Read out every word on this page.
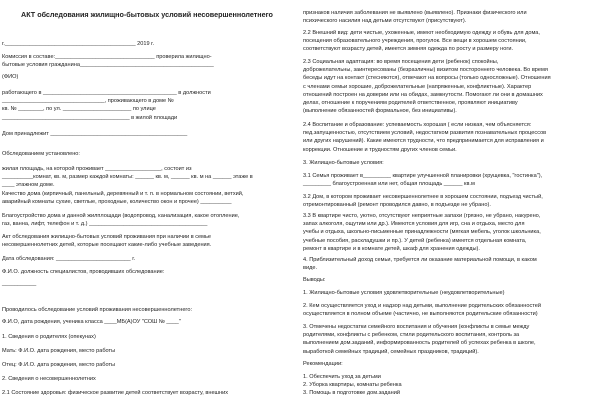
АКТ обследования жилищно-бытовых условий несовершеннолетнего

г.__________________________________________ 2019 г.

Комиссия в составе:________________________________ проверила жилищно-
бытовые условия гражданина___________________________________________

(ФИО)

работающего в ___________________________________________ в должности
_________________________________, проживающего в доме №
кв. № ________, по ул. ______________________ по улице
_________________________________________ в жилой площади

Дом принадлежит ____________________________________________

Обследованием установлено:

жилая площадь, на которой проживает __________________, состоит из
__________комнат, кв. м, размер каждой комнаты: ______ кв. м, ______ кв. м на ______ этаже в
____ этажном доме.

Качество дома (кирпичный, панельный, деревянный и т. п. в нормальном состоянии, ветхий,
аварийный комнаты сухие, светлые, проходные, количество окон и прочее) __________

Благоустройство дома и данной жилплощади (водопровод, канализация, какое отопление,
газ, ванна, лифт, телефон и т. д.) ______________________________________

Акт обследования жилищно-бытовых условий проживания при наличии в семье
несовершеннолетних детей, которые посещают какие-либо учебные заведения.

Дата обследования: ________________________ г.

Ф.И.О. должность специалистов, проводивших обследование:

___________

Проводилось обследование условий проживания несовершеннолетнего:

Ф.И.О, дата рождения, ученика класса ____МБ(А)ОУ "СОШ № ____"

1. Сведения о родителях (опекунах)

Мать: Ф.И.О. дата рождения, место работы

Отец: Ф.И.О. дата рождения, место работы

2. Сведения о несовершеннолетних

2.1 Состояние здоровья: физическое развитие детей соответствует возрасту, внешних

признаков наличия заболевания не выявлено (выявлено). Признаки физического или
психического насилия над детьми отсутствуют (присутствуют).

2.2 Внешний вид: дети чистые, ухоженные, имеют необходимую одежду и обувь для дома,
посещения образовательного учреждения, прогулок. Все вещи в хорошем состоянии,
соответствуют возрасту детей, имеется зимняя одежда по росту и размеру ноги.

2.3 Социальная адаптация: во время посещения дети (ребенок) спокойны,
доброжелательны, заинтересованы (безразличны) визитом постороннего человека. Во время
беседы идут на контакт (стесняются), отвечают на вопросы (только односложные). Отношения
с членами семьи хорошие, доброжелательные (напряженные, конфликтные). Характер
отношений построен на доверии или на обидах, замкнутости. Помогают ли они в домашних
делах, отношение к поручениям родителей ответственное, проявляют инициативу
(выполнение обязанностей формальное, без инициативы).

2.4 Воспитание и образование: успеваемость хорошая ( если низкая, чем объясняется:
пед.запущенностью, отсутствием условий, недостатком развития познавательных процессов
или других нарушений). Какие имеются трудности, что предпринимается для исправления и
коррекции. Отношение и трудностям других членов семьи.

3. Жилищно-бытовые условия:

3.1 Семья проживает в_________ квартире улучшенной планировки (хрущевка, "гостинка"),
_________ благоустроенная или нет, общая площадь ______ кв.м

3.2 Дом, в котором проживает несовершеннолетнее в хорошем состоянии, подъезд чистый,
отремонтированный (ремонт проводился давно, в подъезде не убрано).

3.3 В квартире чисто, уютно, отсутствуют неприятные запахи (грязно, не убрано, накурено,
запах алкоголя, ощутим или др.). Имеются условия для игр, сна и отдыха, место для
учебы и отдыха, школьно-письменные принадлежности (мягкая мебель, уголок школьника,
учебные пособия, раскладушки и пр.). У детей (ребенка) имеется отдельная комната,
ремонт в квартире и в комнате детей, шкаф для хранения одежды).

4. Приблизительный доход семьи, требуется ли оказание материальной помощи, в каком
виде.

Выводы:

1. Жилищно-бытовые условия удовлетворительные (неудовлетворительные)

2. Кем осуществляется уход и надзор над детьми, выполнение родительских обязанностей
осуществляется в полном объеме (частично, не выполняются родительские обязанности)

3. Отмечены недостатки семейного воспитания и обучения (конфликты в семье между
родителями, конфликты с ребенком, стили родительского воспитания, контроль за
выполнением дом.заданий, информированность родителей об успехах ребенка в школе,
выработкой семейных традиций, семейных праздников, традиций).

Рекомендации:

1. Обеспечить уход за детьми

2. Уборка квартиры, комнаты ребенка

3. Помощь в подготовке дом.заданий
